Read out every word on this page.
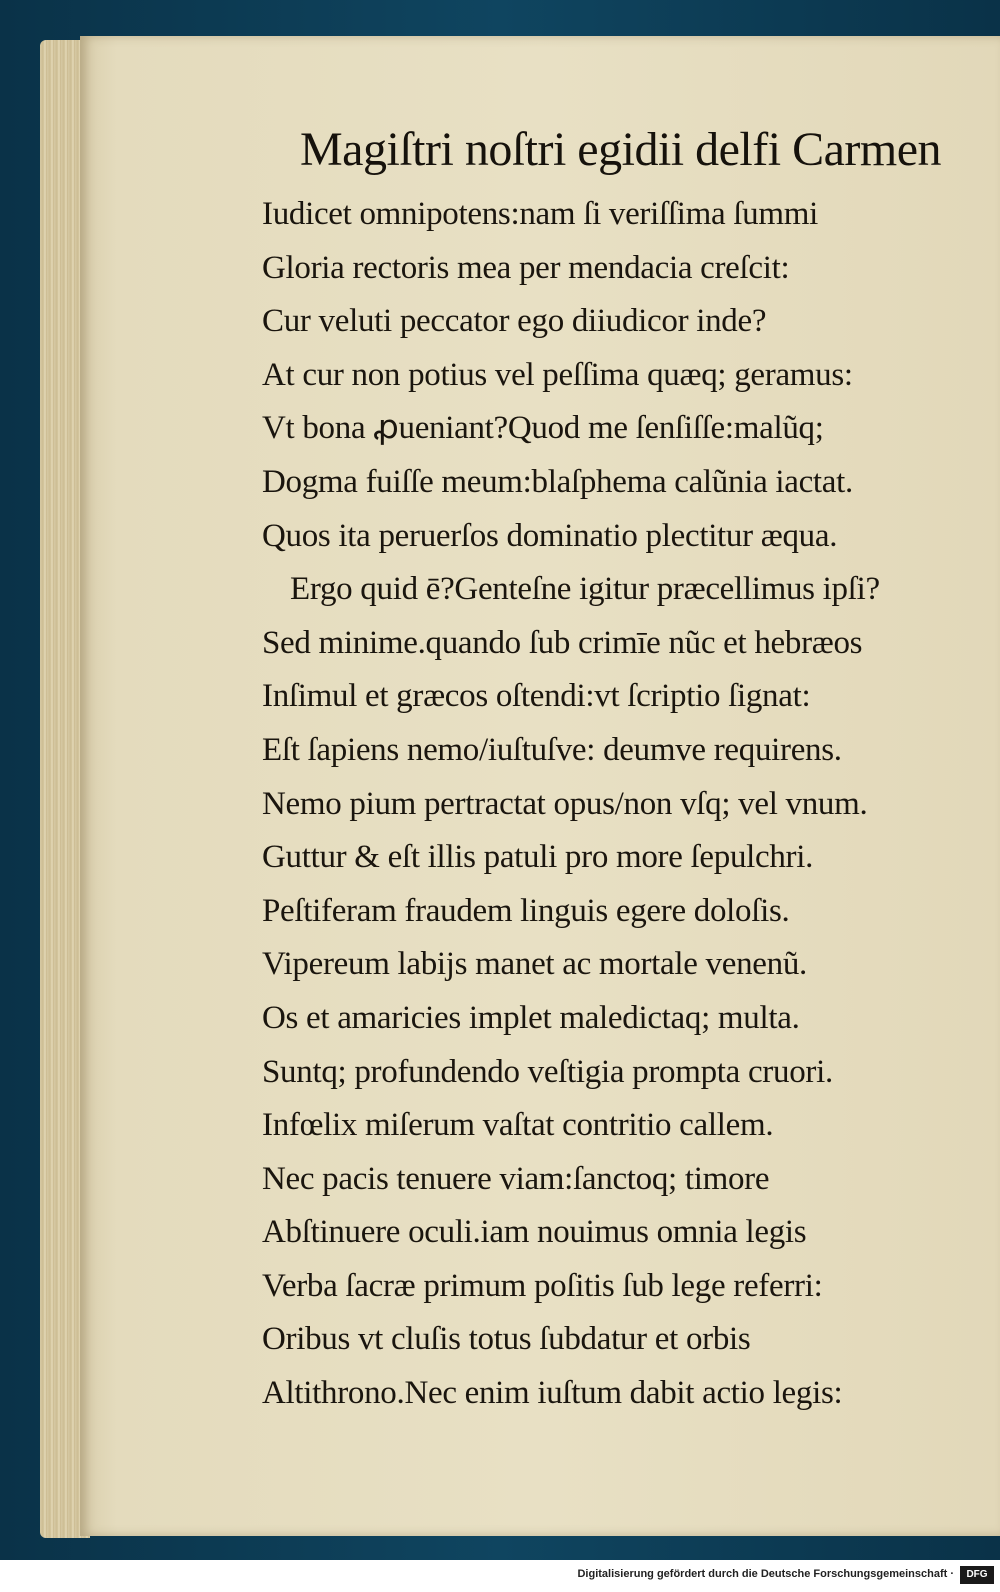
Magiſtri noſtri egidii delfi Carmen
Iudicet omnipotens:nam ſi veriſſima ſummi
Gloria rectoris mea per mendacia creſcit:
Cur veluti peccator ego diiudicor inde?
At cur non potius vel peſſima quæq; geramus:
Vt bona ꝓueniant?Quod me ſenſiſſe:malũq;
Dogma fuiſſe meum:blaſphema calũnia iactat.
Quos ita peruerſos dominatio plectitur æqua.
Ergo quid ē?Genteſne igitur præcellimus ipſi?
Sed minime.quando ſub crimīe nũc et hebræos
Inſimul et græcos oſtendi:vt ſcriptio ſignat:
Eſt ſapiens nemo/iuſtuſve: deumve requirens.
Nemo pium pertractat opus/non vſq; vel vnum.
Guttur & eſt illis patuli pro more ſepulchri.
Peſtiferam fraudem linguis egere doloſis.
Vipereum labijs manet ac mortale venenũ.
Os et amaricies implet maledictaq; multa.
Suntq; profundendo veſtigia prompta cruori.
Infœlix miſerum vaſtat contritio callem.
Nec pacis tenuere viam:ſanctoq; timore
Abſtinuere oculi.iam nouimus omnia legis
Verba ſacræ primum poſitis ſub lege referri:
Oribus vt cluſis totus ſubdatur et orbis
Altithrono.Nec enim iuſtum dabit actio legis:
Digitalisierung gefördert durch die Deutsche Forschungsgemeinschaft ·	DFG
